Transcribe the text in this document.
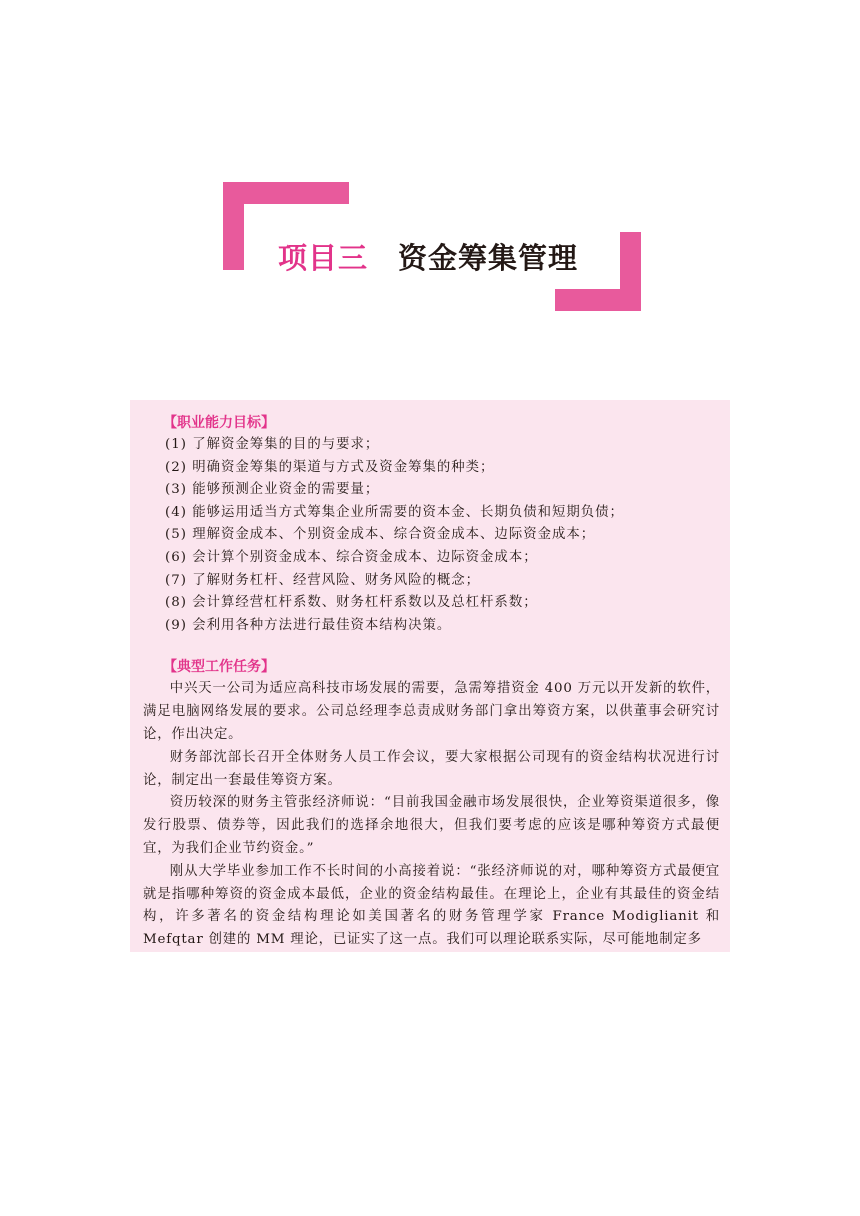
项目三 资金筹集管理
【职业能力目标】
(1) 了解资金筹集的目的与要求；
(2) 明确资金筹集的渠道与方式及资金筹集的种类；
(3) 能够预测企业资金的需要量；
(4) 能够运用适当方式筹集企业所需要的资本金、长期负债和短期负债；
(5) 理解资金成本、个别资金成本、综合资金成本、边际资金成本；
(6) 会计算个别资金成本、综合资金成本、边际资金成本；
(7) 了解财务杠杆、经营风险、财务风险的概念；
(8) 会计算经营杠杆系数、财务杠杆系数以及总杠杆系数；
(9) 会利用各种方法进行最佳资本结构决策。
【典型工作任务】

中兴天一公司为适应高科技市场发展的需要，急需筹措资金 400 万元以开发新的软件，满足电脑网络发展的要求。公司总经理李总责成财务部门拿出筹资方案，以供董事会研究讨论，作出决定。

财务部沈部长召开全体财务人员工作会议，要大家根据公司现有的资金结构状况进行讨论，制定出一套最佳筹资方案。

资历较深的财务主管张经济师说：“目前我国金融市场发展很快，企业筹资渠道很多，像发行股票、债券等，因此我们的选择余地很大，但我们要考虑的应该是哪种筹资方式最便宜，为我们企业节约资金。”

刚从大学毕业参加工作不长时间的小高接着说：“张经济师说的对，哪种筹资方式最便宜就是指哪种筹资的资金成本最低，企业的资金结构最佳。在理论上，企业有其最佳的资金结构，许多著名的资金结构理论如美国著名的财务管理学家 France Modiglianit 和 Mefqtar 创建的 MM 理论，已证实了这一点。我们可以理论联系实际，尽可能地制定多
